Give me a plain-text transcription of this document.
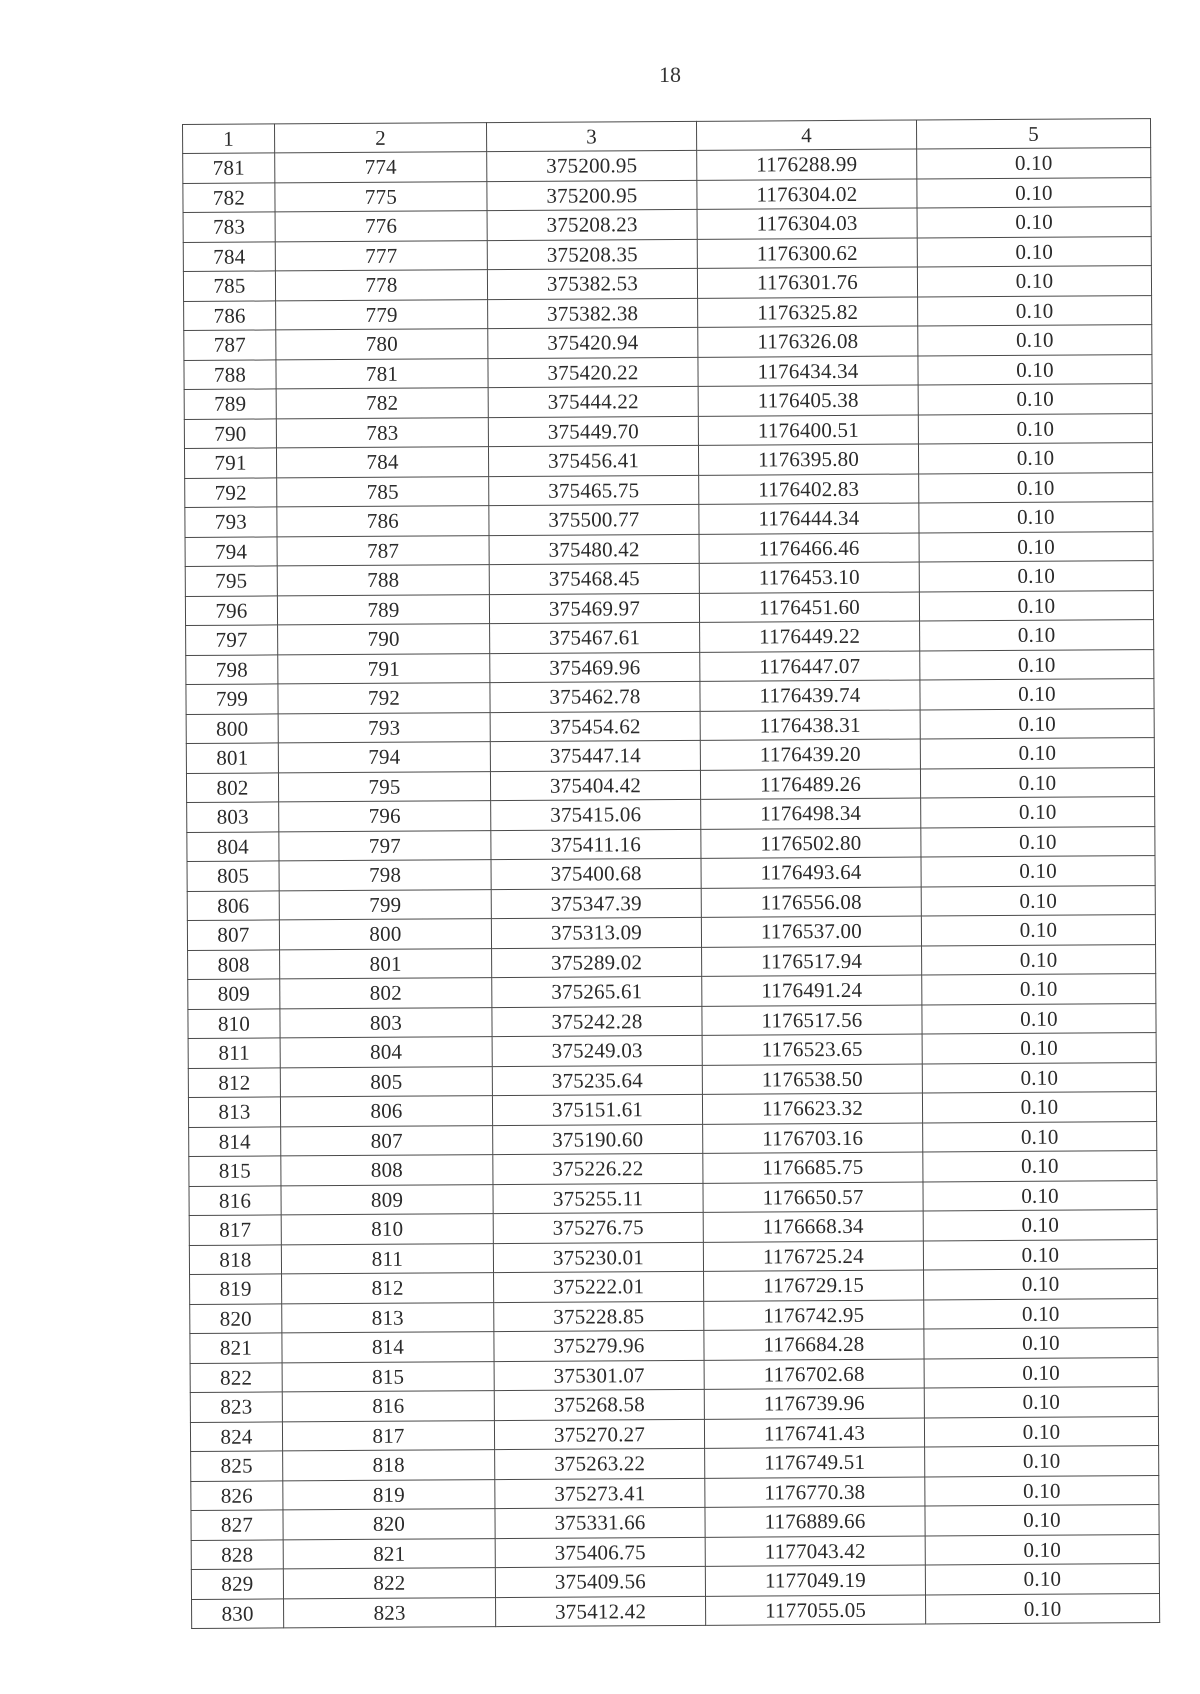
18
1	2	3	4	5
781	774	375200.95	1176288.99	0.10
782	775	375200.95	1176304.02	0.10
783	776	375208.23	1176304.03	0.10
784	777	375208.35	1176300.62	0.10
785	778	375382.53	1176301.76	0.10
786	779	375382.38	1176325.82	0.10
787	780	375420.94	1176326.08	0.10
788	781	375420.22	1176434.34	0.10
789	782	375444.22	1176405.38	0.10
790	783	375449.70	1176400.51	0.10
791	784	375456.41	1176395.80	0.10
792	785	375465.75	1176402.83	0.10
793	786	375500.77	1176444.34	0.10
794	787	375480.42	1176466.46	0.10
795	788	375468.45	1176453.10	0.10
796	789	375469.97	1176451.60	0.10
797	790	375467.61	1176449.22	0.10
798	791	375469.96	1176447.07	0.10
799	792	375462.78	1176439.74	0.10
800	793	375454.62	1176438.31	0.10
801	794	375447.14	1176439.20	0.10
802	795	375404.42	1176489.26	0.10
803	796	375415.06	1176498.34	0.10
804	797	375411.16	1176502.80	0.10
805	798	375400.68	1176493.64	0.10
806	799	375347.39	1176556.08	0.10
807	800	375313.09	1176537.00	0.10
808	801	375289.02	1176517.94	0.10
809	802	375265.61	1176491.24	0.10
810	803	375242.28	1176517.56	0.10
811	804	375249.03	1176523.65	0.10
812	805	375235.64	1176538.50	0.10
813	806	375151.61	1176623.32	0.10
814	807	375190.60	1176703.16	0.10
815	808	375226.22	1176685.75	0.10
816	809	375255.11	1176650.57	0.10
817	810	375276.75	1176668.34	0.10
818	811	375230.01	1176725.24	0.10
819	812	375222.01	1176729.15	0.10
820	813	375228.85	1176742.95	0.10
821	814	375279.96	1176684.28	0.10
822	815	375301.07	1176702.68	0.10
823	816	375268.58	1176739.96	0.10
824	817	375270.27	1176741.43	0.10
825	818	375263.22	1176749.51	0.10
826	819	375273.41	1176770.38	0.10
827	820	375331.66	1176889.66	0.10
828	821	375406.75	1177043.42	0.10
829	822	375409.56	1177049.19	0.10
830	823	375412.42	1177055.05	0.10
